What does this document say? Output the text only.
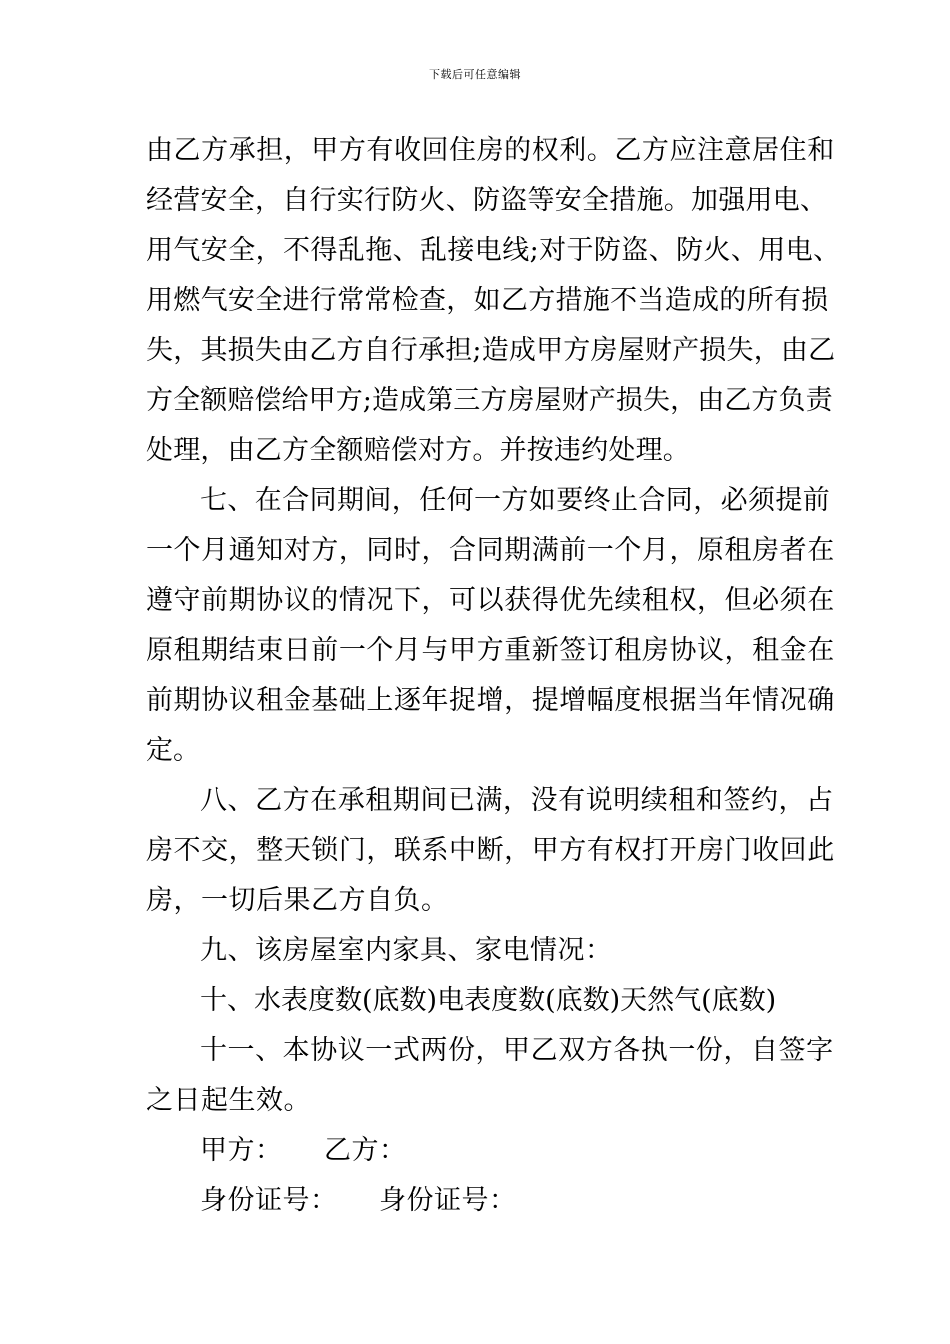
下载后可任意编辑
由乙方承担，甲方有收回住房的权利。乙方应注意居住和
经营安全，自行实行防火、防盗等安全措施。加强用电、
用气安全，不得乱拖、乱接电线;对于防盗、防火、用电、
用燃气安全进行常常检查，如乙方措施不当造成的所有损
失，其损失由乙方自行承担;造成甲方房屋财产损失，由乙
方全额赔偿给甲方;造成第三方房屋财产损失，由乙方负责
处理，由乙方全额赔偿对方。并按违约处理。
七、在合同期间，任何一方如要终止合同，必须提前
一个月通知对方，同时，合同期满前一个月，原租房者在
遵守前期协议的情况下，可以获得优先续租权，但必须在
原租期结束日前一个月与甲方重新签订租房协议，租金在
前期协议租金基础上逐年捉增，提增幅度根据当年情况确
定。
八、乙方在承租期间已满，没有说明续租和签约，占
房不交，整天锁门，联系中断，甲方有权打开房门收回此
房，一切后果乙方自负。
九、该房屋室内家具、家电情况：
十、水表度数(底数)电表度数(底数)天然气(底数)
十一、本协议一式两份，甲乙双方各执一份，自签字
之日起生效。
甲方：　　乙方：
身份证号：　　身份证号：
